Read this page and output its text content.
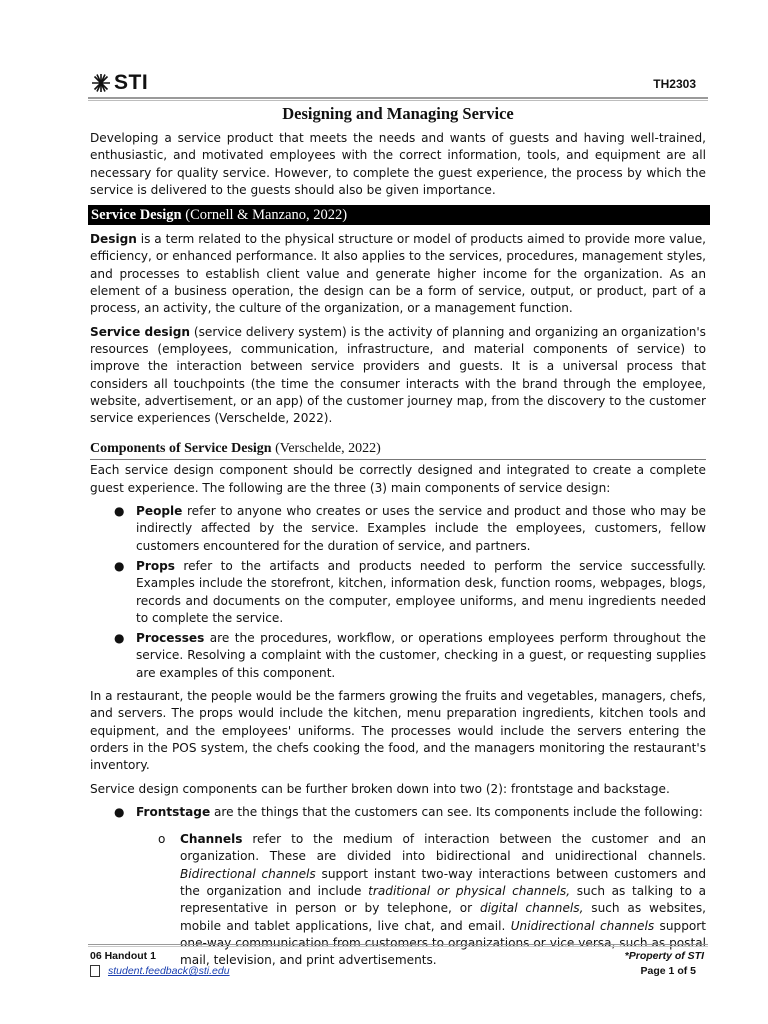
STI	TH2303
Designing and Managing Service

Developing a service product that meets the needs and wants of guests and having well-trained, enthusiastic, and motivated employees with the correct information, tools, and equipment are all necessary for quality service. However, to complete the guest experience, the process by which the service is delivered to the guests should also be given importance.

Service Design (Cornell & Manzano, 2022)

Design is a term related to the physical structure or model of products aimed to provide more value, efficiency, or enhanced performance. It also applies to the services, procedures, management styles, and processes to establish client value and generate higher income for the organization. As an element of a business operation, the design can be a form of service, output, or product, part of a process, an activity, the culture of the organization, or a management function.

Service design (service delivery system) is the activity of planning and organizing an organization's resources (employees, communication, infrastructure, and material components of service) to improve the interaction between service providers and guests. It is a universal process that considers all touchpoints (the time the consumer interacts with the brand through the employee, website, advertisement, or an app) of the customer journey map, from the discovery to the customer service experiences (Verschelde, 2022).

Components of Service Design (Verschelde, 2022)

Each service design component should be correctly designed and integrated to create a complete guest experience. The following are the three (3) main components of service design:

● People refer to anyone who creates or uses the service and product and those who may be indirectly affected by the service. Examples include the employees, customers, fellow customers encountered for the duration of service, and partners.
● Props refer to the artifacts and products needed to perform the service successfully. Examples include the storefront, kitchen, information desk, function rooms, webpages, blogs, records and documents on the computer, employee uniforms, and menu ingredients needed to complete the service.
● Processes are the procedures, workflow, or operations employees perform throughout the service. Resolving a complaint with the customer, checking in a guest, or requesting supplies are examples of this component.

In a restaurant, the people would be the farmers growing the fruits and vegetables, managers, chefs, and servers. The props would include the kitchen, menu preparation ingredients, kitchen tools and equipment, and the employees' uniforms. The processes would include the servers entering the orders in the POS system, the chefs cooking the food, and the managers monitoring the restaurant's inventory.

Service design components can be further broken down into two (2): frontstage and backstage.

● Frontstage are the things that the customers can see. Its components include the following:
o Channels refer to the medium of interaction between the customer and an organization. These are divided into bidirectional and unidirectional channels. Bidirectional channels support instant two-way interactions between customers and the organization and include traditional or physical channels, such as talking to a representative in person or by telephone, or digital channels, such as websites, mobile and tablet applications, live chat, and email. Unidirectional channels support one-way communication from customers to organizations or vice versa, such as postal mail, television, and print advertisements.
06 Handout 1
student.feedback@sti.edu
*Property of STI
Page 1 of 5
